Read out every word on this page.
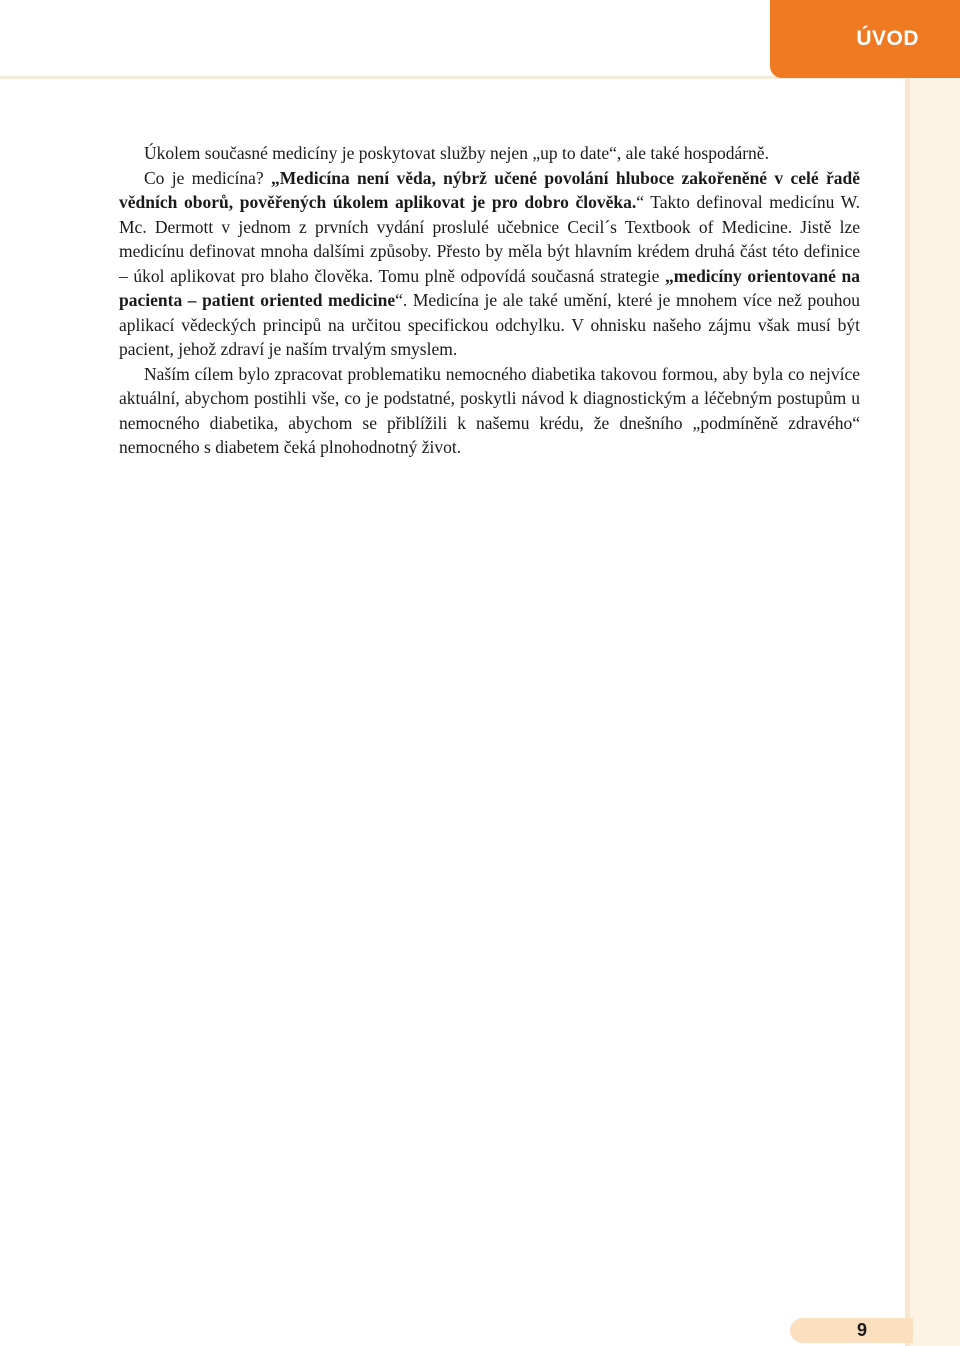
ÚVOD

Úkolem současné medicíny je poskytovat služby nejen „up to date“, ale také hospodárně.

Co je medicína? „Medicína není věda, nýbrž učené povolání hluboce zakořeněné v celé řadě vědních oborů, pověřených úkolem aplikovat je pro dobro člověka.“ Takto definoval medicínu W. Mc. Dermott v jednom z prvních vydání proslulé učebnice Cecil´s Textbook of Medicine. Jistě lze medicínu definovat mnoha dalšími způsoby. Přesto by měla být hlavním krédem druhá část této definice – úkol aplikovat pro blaho člověka. Tomu plně odpovídá současná strategie „medicíny orientované na pacienta – patient oriented medicine“. Medicína je ale také umění, které je mnohem více než pouhou aplikací vědeckých principů na určitou specifickou odchylku. V ohnisku našeho zájmu však musí být pacient, jehož zdraví je naším trvalým smyslem.

Naším cílem bylo zpracovat problematiku nemocného diabetika takovou formou, aby byla co nejvíce aktuální, abychom postihli vše, co je podstatné, poskytli návod k diagnostickým a léčebným postupům u nemocného diabetika, abychom se přiblížili k našemu krédu, že dnešního „podmíněně zdravého“ nemocného s diabetem čeká plnohodnotný život.

9
